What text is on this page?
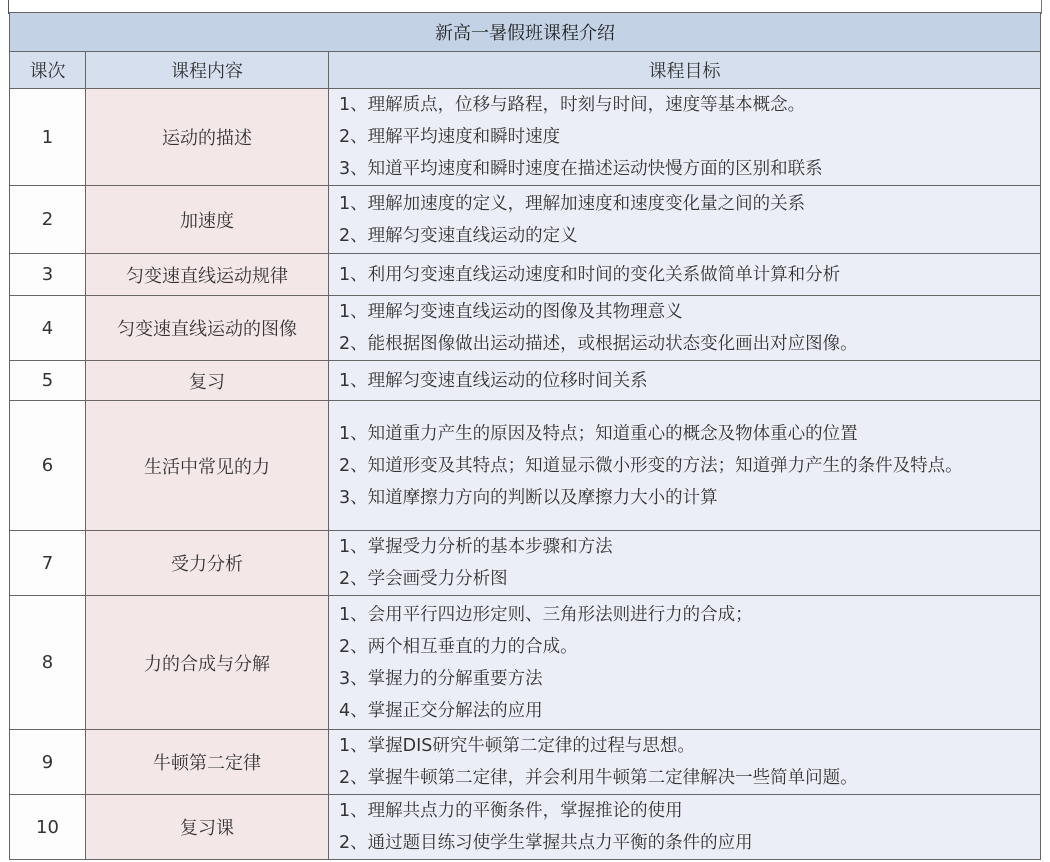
新高一暑假班课程介绍		
课次	课程内容	课程目标
1	运动的描述	1、理解质点，位移与路程，时刻与时间，速度等基本概念。
2、理解平均速度和瞬时速度
3、知道平均速度和瞬时速度在描述运动快慢方面的区别和联系

2	加速度	1、理解加速度的定义，理解加速度和速度变化量之间的关系
2、理解匀变速直线运动的定义

3	匀变速直线运动规律	1、利用匀变速直线运动速度和时间的变化关系做简单计算和分析

4	匀变速直线运动的图像	1、理解匀变速直线运动的图像及其物理意义
2、能根据图像做出运动描述，或根据运动状态变化画出对应图像。

5	复习	1、理解匀变速直线运动的位移时间关系

6	生活中常见的力	1、知道重力产生的原因及特点；知道重心的概念及物体重心的位置
2、知道形变及其特点；知道显示微小形变的方法；知道弹力产生的条件及特点。
3、知道摩擦力方向的判断以及摩擦力大小的计算

7	受力分析	1、掌握受力分析的基本步骤和方法
2、学会画受力分析图

8	力的合成与分解	1、会用平行四边形定则、三角形法则进行力的合成；
2、两个相互垂直的力的合成。
3、掌握力的分解重要方法
4、掌握正交分解法的应用

9	牛顿第二定律	1、掌握DIS研究牛顿第二定律的过程与思想。
2、掌握牛顿第二定律，并会利用牛顿第二定律解决一些简单问题。

10	复习课	1、理解共点力的平衡条件，掌握推论的使用
2、通过题目练习使学生掌握共点力平衡的条件的应用
